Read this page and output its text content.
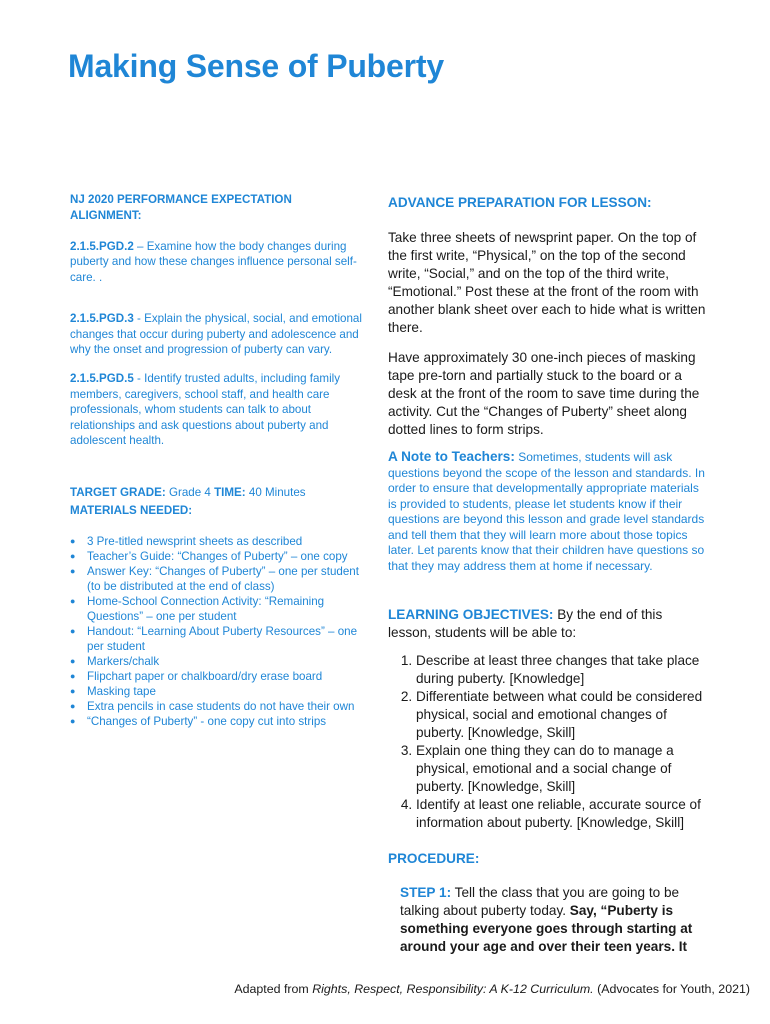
Making Sense of Puberty
NJ 2020 PERFORMANCE EXPECTATION
ALIGNMENT:

2.1.5.PGD.2 – Examine how the body changes during puberty and how these changes influence personal self-care. .

2.1.5.PGD.3 - Explain the physical, social, and emotional changes that occur during puberty and adolescence and why the onset and progression of puberty can vary.

2.1.5.PGD.5 - Identify trusted adults, including family members, caregivers, school staff, and health care professionals, whom students can talk to about relationships and ask questions about puberty and adolescent health.

TARGET GRADE: Grade 4 TIME: 40 Minutes
MATERIALS NEEDED:
● 3 Pre-titled newsprint sheets as described
● Teacher’s Guide: “Changes of Puberty” – one copy
● Answer Key: “Changes of Puberty” – one per student (to be distributed at the end of class)
● Home-School Connection Activity: “Remaining Questions” – one per student
● Handout: “Learning About Puberty Resources” – one per student
● Markers/chalk
● Flipchart paper or chalkboard/dry erase board
● Masking tape
● Extra pencils in case students do not have their own
● “Changes of Puberty” - one copy cut into strips

ADVANCE PREPARATION FOR LESSON:

Take three sheets of newsprint paper. On the top of the first write, “Physical,” on the top of the second write, “Social,” and on the top of the third write, “Emotional.” Post these at the front of the room with another blank sheet over each to hide what is written there.

Have approximately 30 one-inch pieces of masking tape pre-torn and partially stuck to the board or a desk at the front of the room to save time during the activity. Cut the “Changes of Puberty” sheet along dotted lines to form strips.

A Note to Teachers: Sometimes, students will ask questions beyond the scope of the lesson and standards. In order to ensure that developmentally appropriate materials is provided to students, please let students know if their questions are beyond this lesson and grade level standards and tell them that they will learn more about those topics later. Let parents know that their children have questions so that they may address them at home if necessary.

LEARNING OBJECTIVES: By the end of this lesson, students will be able to:

1. Describe at least three changes that take place during puberty. [Knowledge]
2. Differentiate between what could be considered physical, social and emotional changes of puberty. [Knowledge, Skill]
3. Explain one thing they can do to manage a physical, emotional and a social change of puberty. [Knowledge, Skill]
4. Identify at least one reliable, accurate source of information about puberty. [Knowledge, Skill]

PROCEDURE:

STEP 1: Tell the class that you are going to be talking about puberty today. Say, “Puberty is something everyone goes through starting at around your age and over their teen years. It

Adapted from Rights, Respect, Responsibility: A K-12 Curriculum. (Advocates for Youth, 2021)
